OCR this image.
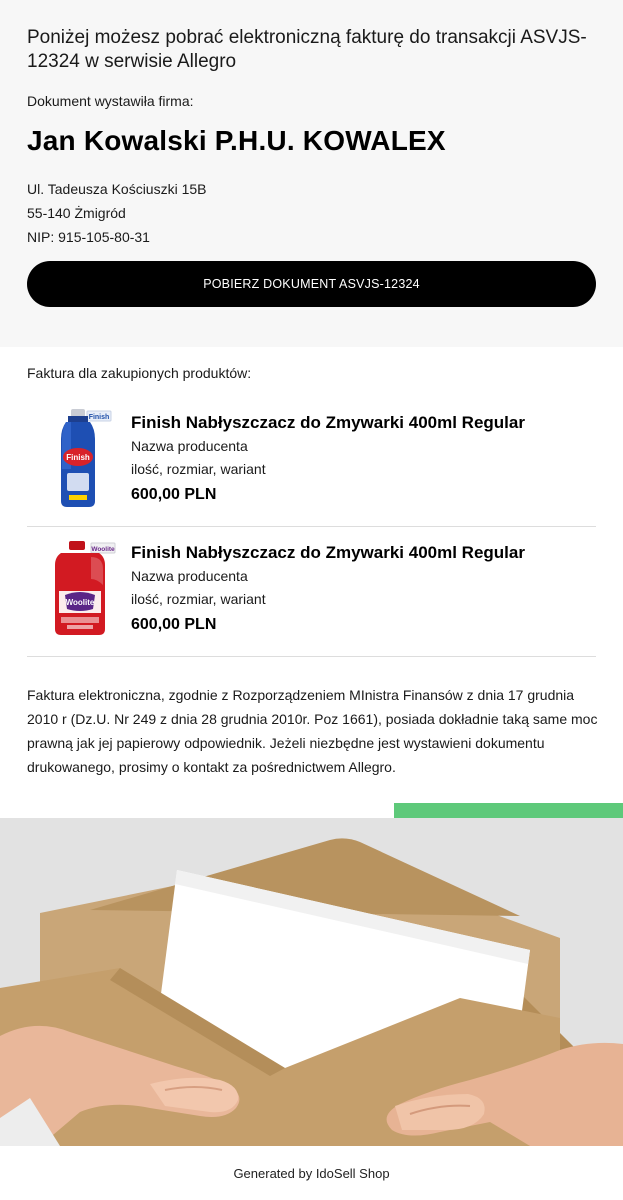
Poniżej możesz pobrać elektroniczną fakturę do transakcji ASVJS-12324 w serwisie Allegro
Dokument wystawiła firma:
Jan Kowalski P.H.U. KOWALEX
Ul. Tadeusza Kościuszki 15B
55-140 Żmigród
NIP: 915-105-80-31
POBIERZ DOKUMENT ASVJS-12324
Faktura dla zakupionych produktów:
Finish
Finish
Finish Nabłyszczacz do Zmywarki 400ml Regular
Nazwa producenta
ilość, rozmiar, wariant
600,00 PLN
Woolite
Woolite
Finish Nabłyszczacz do Zmywarki 400ml Regular
Nazwa producenta
ilość, rozmiar, wariant
600,00 PLN
Faktura elektroniczna, zgodnie z Rozporządzeniem MInistra Finansów z dnia 17 grudnia 2010 r (Dz.U. Nr 249 z dnia 28 grudnia 2010r. Poz 1661), posiada dokładnie taką same moc prawną jak jej papierowy odpowiednik. Jeżeli niezbędne jest wystawieni dokumentu drukowanego, prosimy o kontakt za pośrednictwem Allegro.
Generated by IdoSell Shop
